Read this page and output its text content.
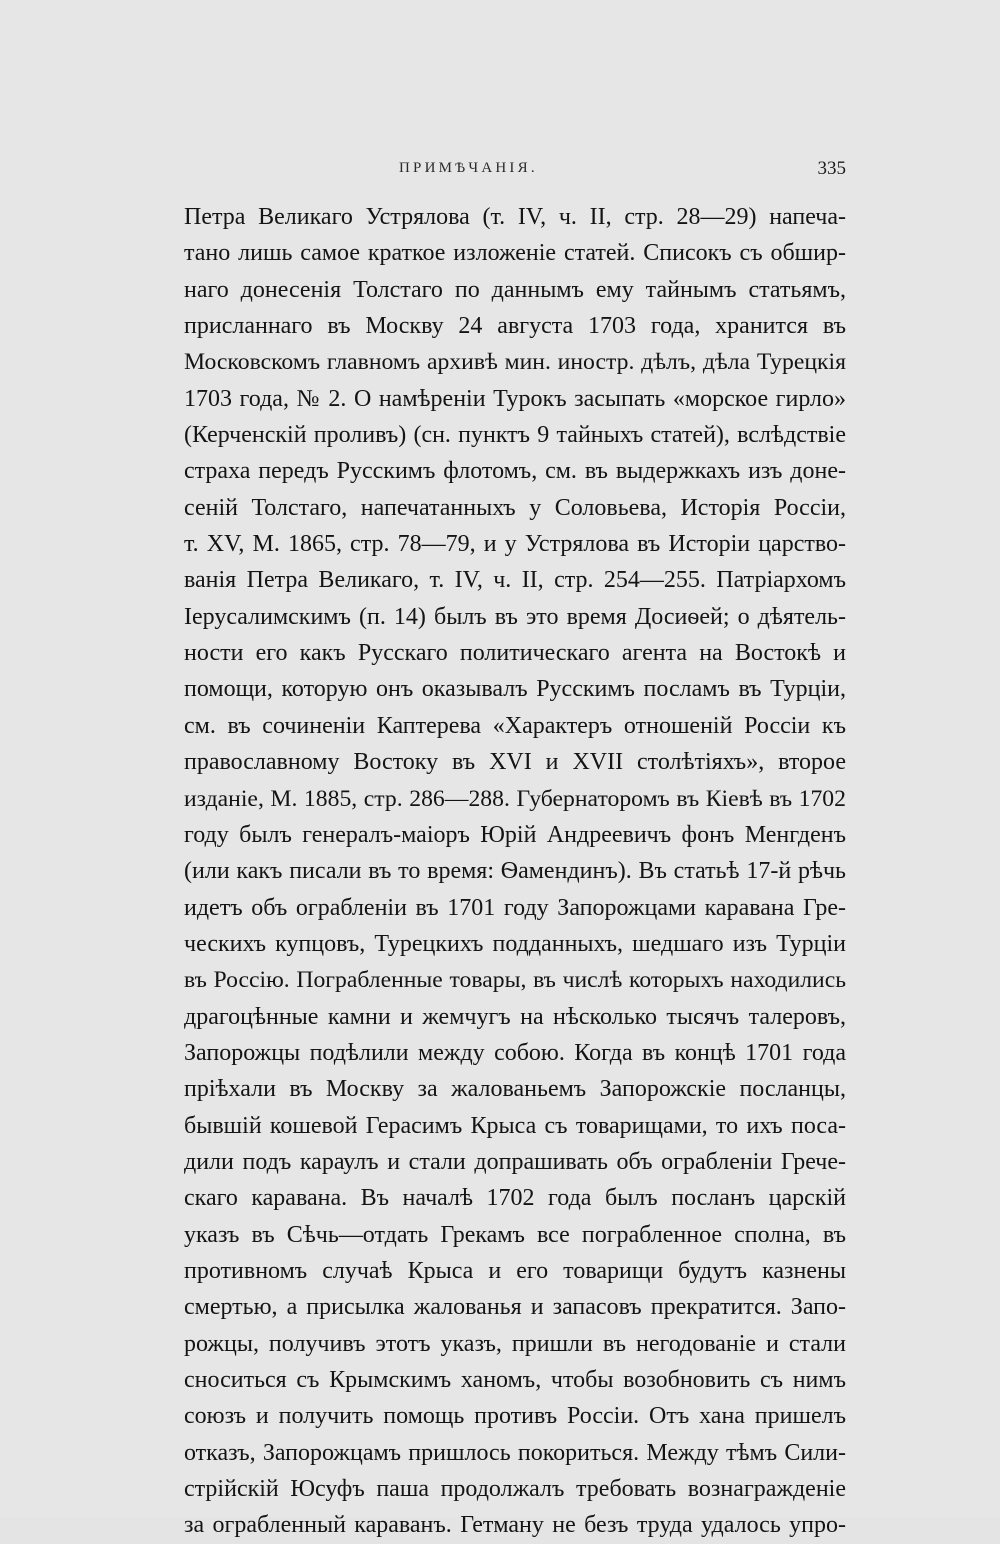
ПРИМѢЧАНІЯ.	335
Петра Великаго Устрялова (т. IV, ч. II, стр. 28—29) напеча-
тано лишь самое краткое изложеніе статей. Списокъ съ обшир-
наго донесенія Толстаго по даннымъ ему тайнымъ статьямъ,
присланнаго въ Москву 24 августа 1703 года, хранится въ
Московскомъ главномъ архивѣ мин. иностр. дѣлъ, дѣла Турецкія
1703 года, № 2. О намѣреніи Турокъ засыпать «морское гирло»
(Керченскій проливъ) (сн. пунктъ 9 тайныхъ статей), вслѣдствіе
страха передъ Русскимъ флотомъ, см. въ выдержкахъ изъ доне-
сеній Толстаго, напечатанныхъ у Соловьева, Исторія Россіи,
т. XV, М. 1865, стр. 78—79, и у Устрялова въ Исторіи царство-
ванія Петра Великаго, т. IV, ч. II, стр. 254—255. Патріархомъ
Іерусалимскимъ (п. 14) былъ въ это время Досиѳей; о дѣятель-
ности его какъ Русскаго политическаго агента на Востокѣ и
помощи, которую онъ оказывалъ Русскимъ посламъ въ Турціи,
см. въ сочиненіи Каптерева «Характеръ отношеній Россіи къ
православному Востоку въ XVI и XVII столѣтіяхъ», второе
изданіе, М. 1885, стр. 286—288. Губернаторомъ въ Кіевѣ въ 1702
году былъ генералъ-маіоръ Юрій Андреевичъ фонъ Менгденъ
(или какъ писали въ то время: Ѳамендинъ). Въ статьѣ 17-й рѣчь
идетъ объ ограбленіи въ 1701 году Запорожцами каравана Гре-
ческихъ купцовъ, Турецкихъ подданныхъ, шедшаго изъ Турціи
въ Россію. Пограбленные товары, въ числѣ которыхъ находились
драгоцѣнные камни и жемчугъ на нѣсколько тысячъ талеровъ,
Запорожцы подѣлили между собою. Когда въ концѣ 1701 года
пріѣхали въ Москву за жалованьемъ Запорожскіе посланцы,
бывшій кошевой Герасимъ Крыса съ товарищами, то ихъ поса-
дили подъ караулъ и стали допрашивать объ ограбленіи Грече-
скаго каравана. Въ началѣ 1702 года былъ посланъ царскій
указъ въ Сѣчь—отдать Грекамъ все пограбленное сполна, въ
противномъ случаѣ Крыса и его товарищи будутъ казнены
смертью, а присылка жалованья и запасовъ прекратится. Запо-
рожцы, получивъ этотъ указъ, пришли въ негодованіе и стали
сноситься съ Крымскимъ ханомъ, чтобы возобновить съ нимъ
союзъ и получить помощь противъ Россіи. Отъ хана пришелъ
отказъ, Запорожцамъ пришлось покориться. Между тѣмъ Сили-
стрійскій Юсуфъ паша продолжалъ требовать вознагражденіе
за ограбленный караванъ. Гетману не безъ труда удалось упро-
